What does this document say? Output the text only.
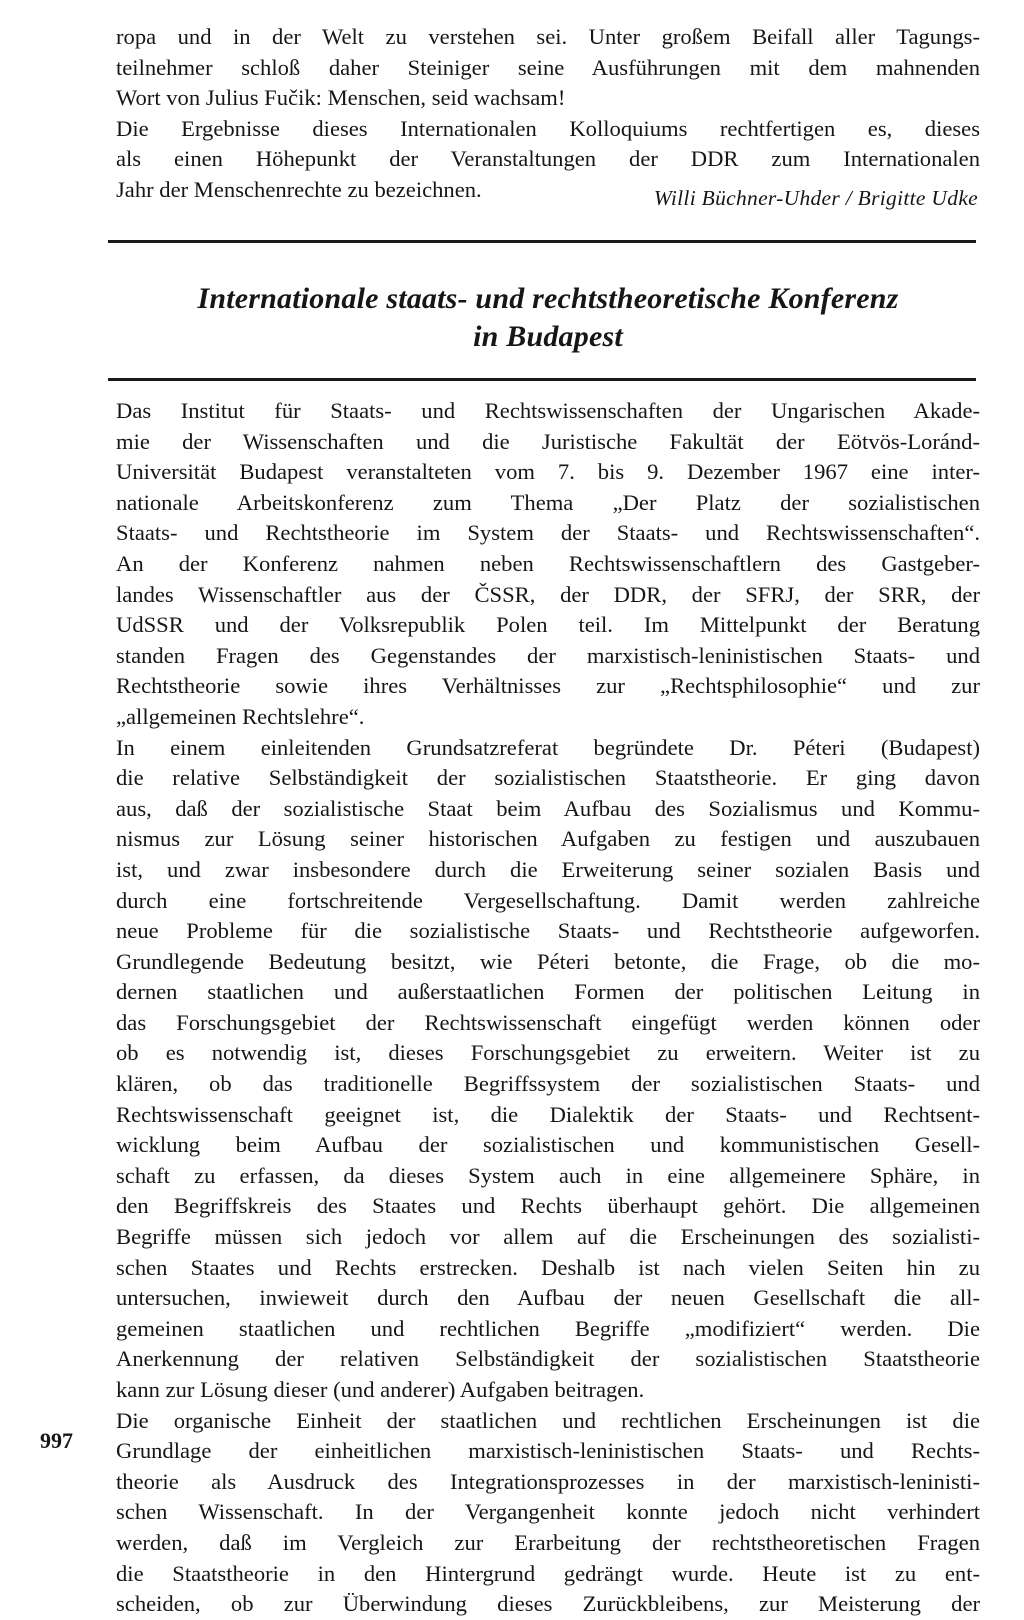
ropa und in der Welt zu verstehen sei. Unter großem Beifall aller Tagungs-
teilnehmer schloß daher Steiniger seine Ausführungen mit dem mahnenden
Wort von Julius Fučik: Menschen, seid wachsam!
Die Ergebnisse dieses Internationalen Kolloquiums rechtfertigen es, dieses
als einen Höhepunkt der Veranstaltungen der DDR zum Internationalen
Jahr der Menschenrechte zu bezeichnen.	Willi Büchner-Uhder / Brigitte Udke
Internationale staats- und rechtstheoretische Konferenz
in Budapest
Das Institut für Staats- und Rechtswissenschaften der Ungarischen Akade-
mie der Wissenschaften und die Juristische Fakultät der Eötvös-Loránd-
Universität Budapest veranstalteten vom 7. bis 9. Dezember 1967 eine inter-
nationale Arbeitskonferenz zum Thema „Der Platz der sozialistischen
Staats- und Rechtstheorie im System der Staats- und Rechtswissenschaften“.
An der Konferenz nahmen neben Rechtswissenschaftlern des Gastgeber-
landes Wissenschaftler aus der ČSSR, der DDR, der SFRJ, der SRR, der
UdSSR und der Volksrepublik Polen teil. Im Mittelpunkt der Beratung
standen Fragen des Gegenstandes der marxistisch-leninistischen Staats- und
Rechtstheorie sowie ihres Verhältnisses zur „Rechtsphilosophie“ und zur
„allgemeinen Rechtslehre“.
In einem einleitenden Grundsatzreferat begründete Dr. Péteri (Budapest)
die relative Selbständigkeit der sozialistischen Staatstheorie. Er ging davon
aus, daß der sozialistische Staat beim Aufbau des Sozialismus und Kommu-
nismus zur Lösung seiner historischen Aufgaben zu festigen und auszubauen
ist, und zwar insbesondere durch die Erweiterung seiner sozialen Basis und
durch eine fortschreitende Vergesellschaftung. Damit werden zahlreiche
neue Probleme für die sozialistische Staats- und Rechtstheorie aufgeworfen.
Grundlegende Bedeutung besitzt, wie Péteri betonte, die Frage, ob die mo-
dernen staatlichen und außerstaatlichen Formen der politischen Leitung in
das Forschungsgebiet der Rechtswissenschaft eingefügt werden können oder
ob es notwendig ist, dieses Forschungsgebiet zu erweitern. Weiter ist zu
klären, ob das traditionelle Begriffssystem der sozialistischen Staats- und
Rechtswissenschaft geeignet ist, die Dialektik der Staats- und Rechtsent-
wicklung beim Aufbau der sozialistischen und kommunistischen Gesell-
schaft zu erfassen, da dieses System auch in eine allgemeinere Sphäre, in
den Begriffskreis des Staates und Rechts überhaupt gehört. Die allgemeinen
Begriffe müssen sich jedoch vor allem auf die Erscheinungen des sozialisti-
schen Staates und Rechts erstrecken. Deshalb ist nach vielen Seiten hin zu
untersuchen, inwieweit durch den Aufbau der neuen Gesellschaft die all-
gemeinen staatlichen und rechtlichen Begriffe „modifiziert“ werden. Die
Anerkennung der relativen Selbständigkeit der sozialistischen Staatstheorie
kann zur Lösung dieser (und anderer) Aufgaben beitragen.
Die organische Einheit der staatlichen und rechtlichen Erscheinungen ist die
Grundlage der einheitlichen marxistisch-leninistischen Staats- und Rechts-
theorie als Ausdruck des Integrationsprozesses in der marxistisch-leninisti-
schen Wissenschaft. In der Vergangenheit konnte jedoch nicht verhindert
werden, daß im Vergleich zur Erarbeitung der rechtstheoretischen Fragen
die Staatstheorie in den Hintergrund gedrängt wurde. Heute ist zu ent-
scheiden, ob zur Überwindung dieses Zurückbleibens, zur Meisterung der
997
